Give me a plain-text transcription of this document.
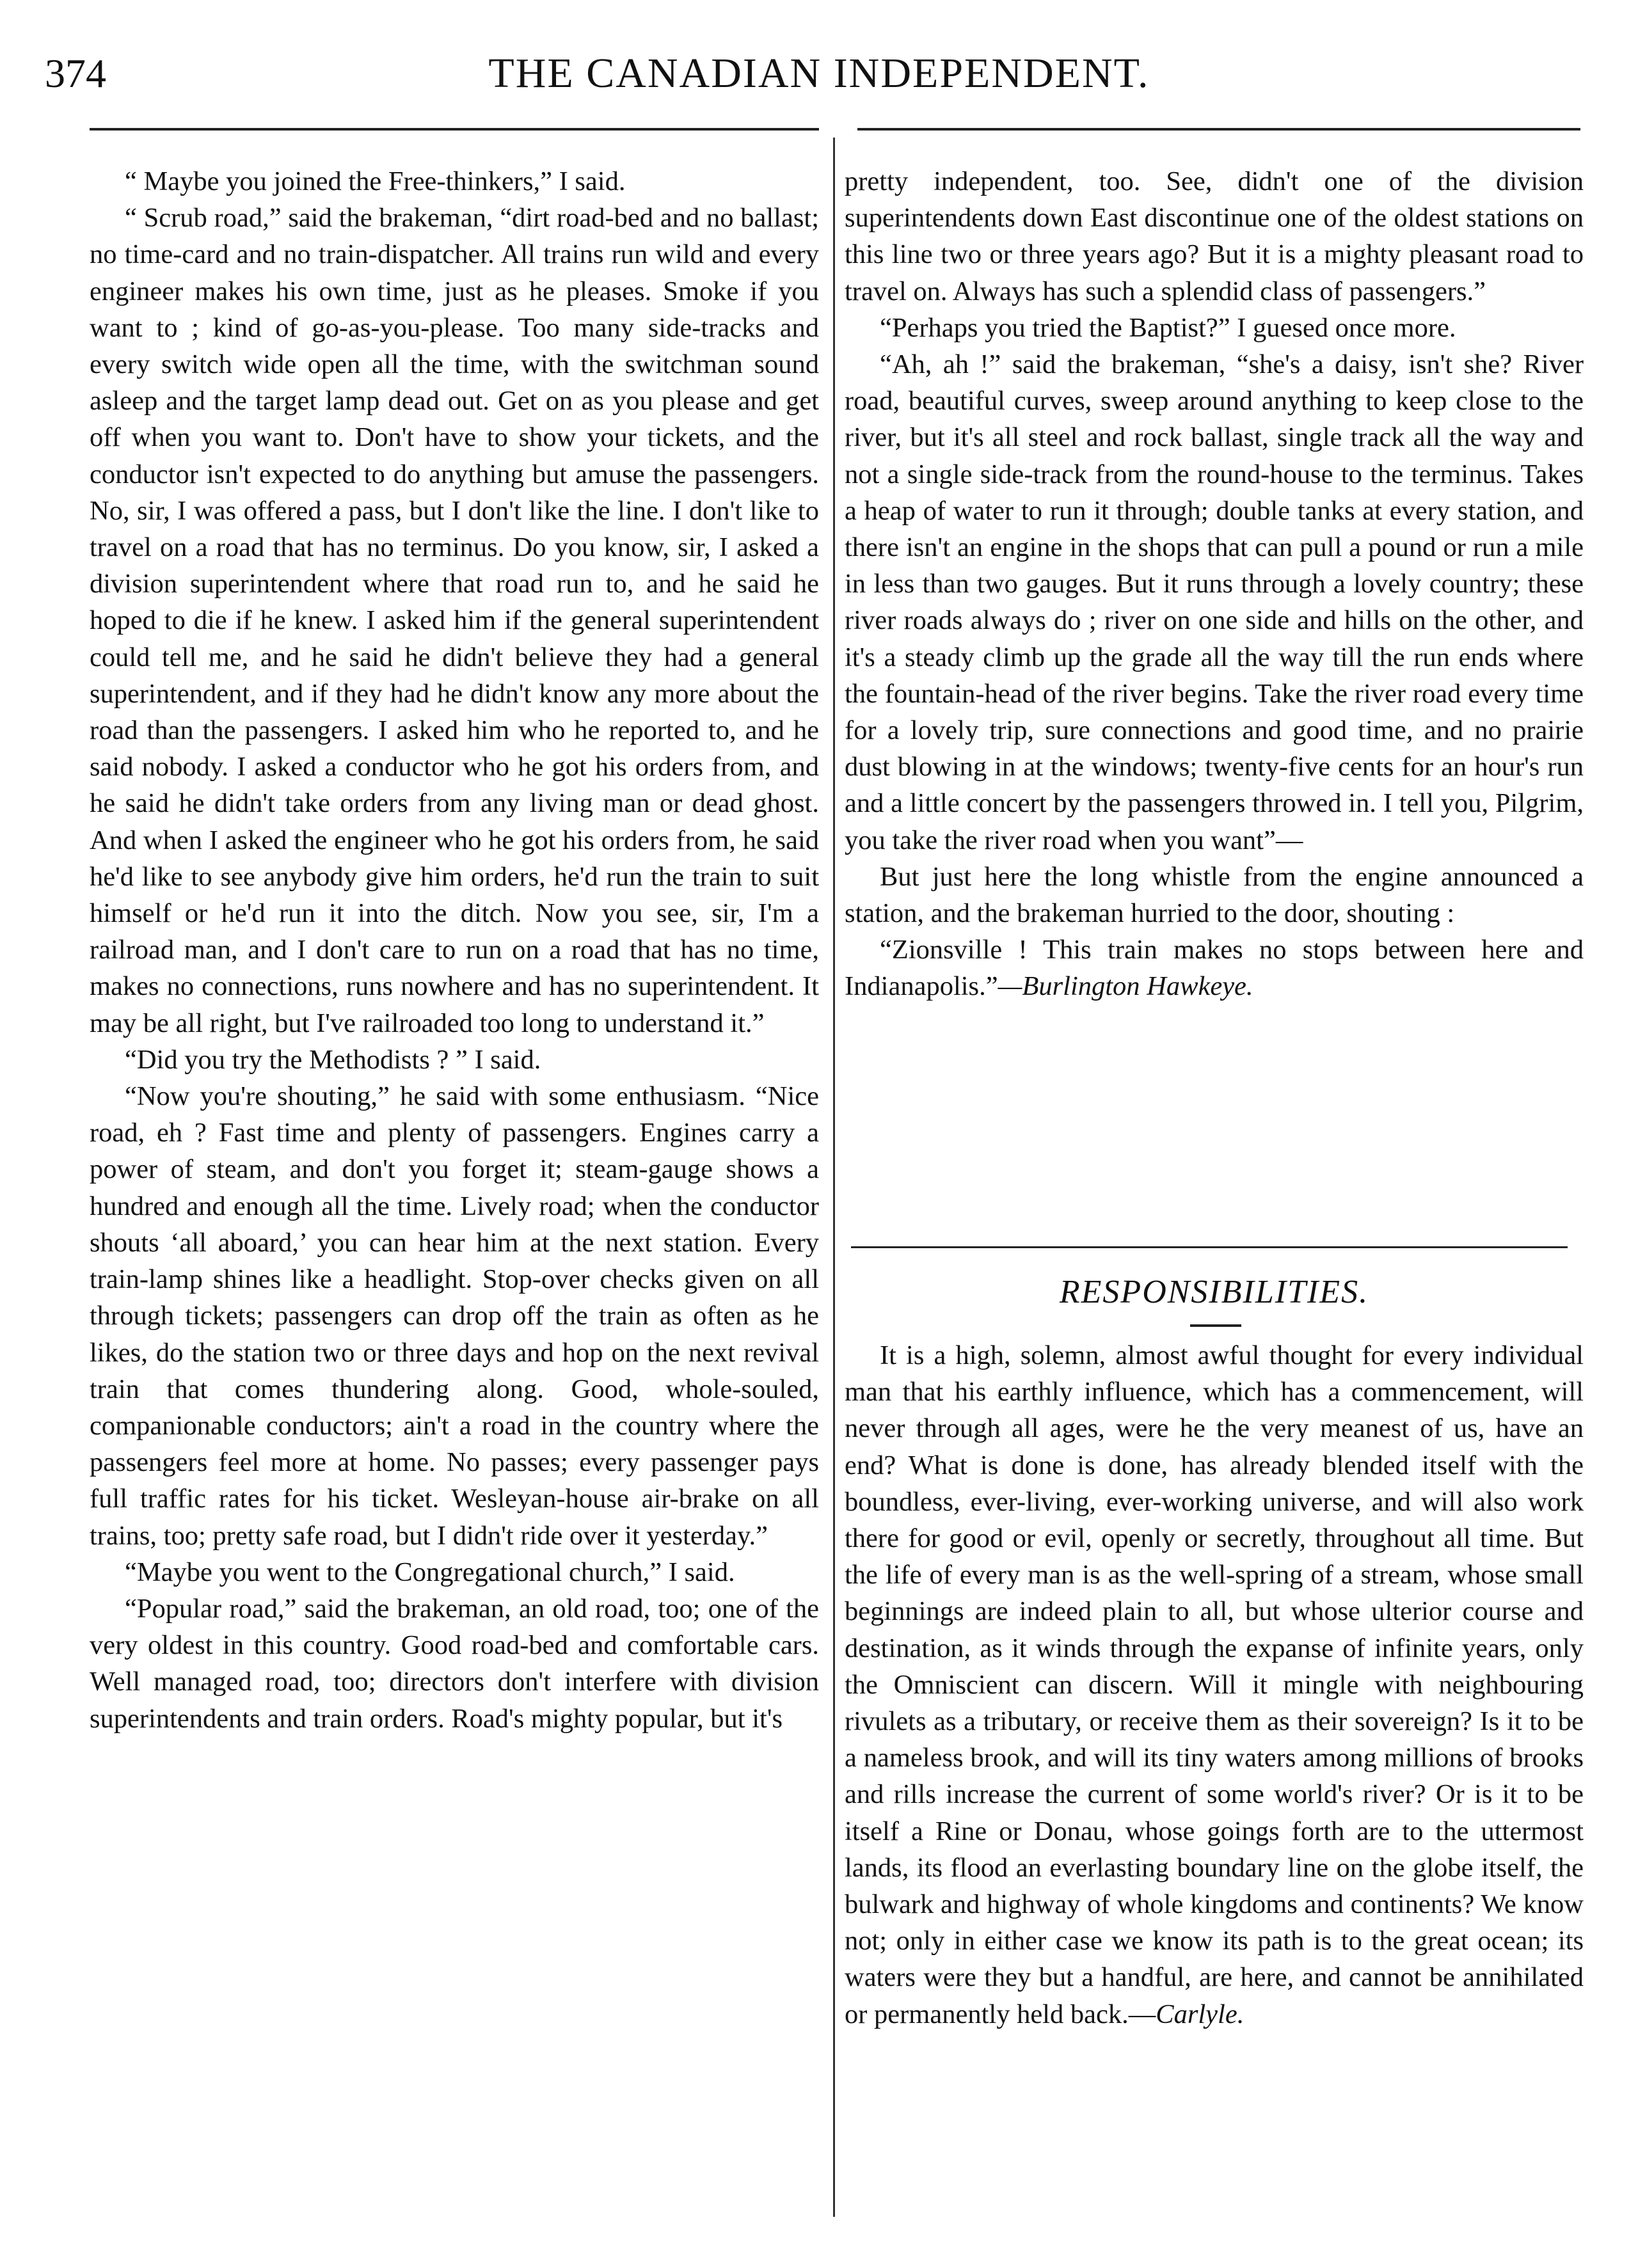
374	THE CANADIAN INDEPENDENT.

“ Maybe you joined the Free-thinkers,” I said.

“ Scrub road,” said the brakeman, “dirt road-bed and no ballast; no time-card and no train-dispatcher. All trains run wild and every engineer makes his own time, just as he pleases. Smoke if you want to ; kind of go-as-you-please. Too many side-tracks and every switch wide open all the time, with the switchman sound asleep and the target lamp dead out. Get on as you please and get off when you want to. Don't have to show your tickets, and the conductor isn't expected to do anything but amuse the passengers. No, sir, I was offered a pass, but I don't like the line. I don't like to travel on a road that has no terminus. Do you know, sir, I asked a division superintendent where that road run to, and he said he hoped to die if he knew. I asked him if the general superintendent could tell me, and he said he didn't believe they had a general superintendent, and if they had he didn't know any more about the road than the passengers. I asked him who he reported to, and he said nobody. I asked a conductor who he got his orders from, and he said he didn't take orders from any living man or dead ghost. And when I asked the engineer who he got his orders from, he said he'd like to see anybody give him orders, he'd run the train to suit himself or he'd run it into the ditch. Now you see, sir, I'm a railroad man, and I don't care to run on a road that has no time, makes no connections, runs nowhere and has no superintendent. It may be all right, but I've railroaded too long to understand it.”

“Did you try the Methodists ? ” I said.

“Now you're shouting,” he said with some enthusiasm. “Nice road, eh ? Fast time and plenty of passengers. Engines carry a power of steam, and don't you forget it; steam-gauge shows a hundred and enough all the time. Lively road; when the conductor shouts ‘all aboard,’ you can hear him at the next station. Every train-lamp shines like a headlight. Stop-over checks given on all through tickets; passengers can drop off the train as often as he likes, do the station two or three days and hop on the next revival train that comes thundering along. Good, whole-souled, companionable conductors; ain't a road in the country where the passengers feel more at home. No passes; every passenger pays full traffic rates for his ticket. Wesleyan-house air-brake on all trains, too; pretty safe road, but I didn't ride over it yesterday.”

“Maybe you went to the Congregational church,” I said.

“Popular road,” said the brakeman, an old road, too; one of the very oldest in this country. Good road-bed and comfortable cars. Well managed road, too; directors don't interfere with division superintendents and train orders. Road's mighty popular, but it's

pretty independent, too. See, didn't one of the division superintendents down East discontinue one of the oldest stations on this line two or three years ago? But it is a mighty pleasant road to travel on. Always has such a splendid class of passengers.”

“Perhaps you tried the Baptist?” I guesed once more.

“Ah, ah !” said the brakeman, “she's a daisy, isn't she? River road, beautiful curves, sweep around anything to keep close to the river, but it's all steel and rock ballast, single track all the way and not a single side-track from the round-house to the terminus. Takes a heap of water to run it through; double tanks at every station, and there isn't an engine in the shops that can pull a pound or run a mile in less than two gauges. But it runs through a lovely country; these river roads always do ; river on one side and hills on the other, and it's a steady climb up the grade all the way till the run ends where the fountain-head of the river begins. Take the river road every time for a lovely trip, sure connections and good time, and no prairie dust blowing in at the windows; twenty-five cents for an hour's run and a little concert by the passengers throwed in. I tell you, Pilgrim, you take the river road when you want”—

But just here the long whistle from the engine announced a station, and the brakeman hurried to the door, shouting :

“Zionsville ! This train makes no stops between here and Indianapolis.”—Burlington Hawkeye.

RESPONSIBILITIES.

It is a high, solemn, almost awful thought for every individual man that his earthly influence, which has a commencement, will never through all ages, were he the very meanest of us, have an end? What is done is done, has already blended itself with the boundless, ever-living, ever-working universe, and will also work there for good or evil, openly or secretly, throughout all time. But the life of every man is as the well-spring of a stream, whose small beginnings are indeed plain to all, but whose ulterior course and destination, as it winds through the expanse of infinite years, only the Omniscient can discern. Will it mingle with neighbouring rivulets as a tributary, or receive them as their sovereign? Is it to be a nameless brook, and will its tiny waters among millions of brooks and rills increase the current of some world's river? Or is it to be itself a Rine or Donau, whose goings forth are to the uttermost lands, its flood an everlasting boundary line on the globe itself, the bulwark and highway of whole kingdoms and continents? We know not; only in either case we know its path is to the great ocean; its waters were they but a handful, are here, and cannot be annihilated or permanently held back.—Carlyle.
